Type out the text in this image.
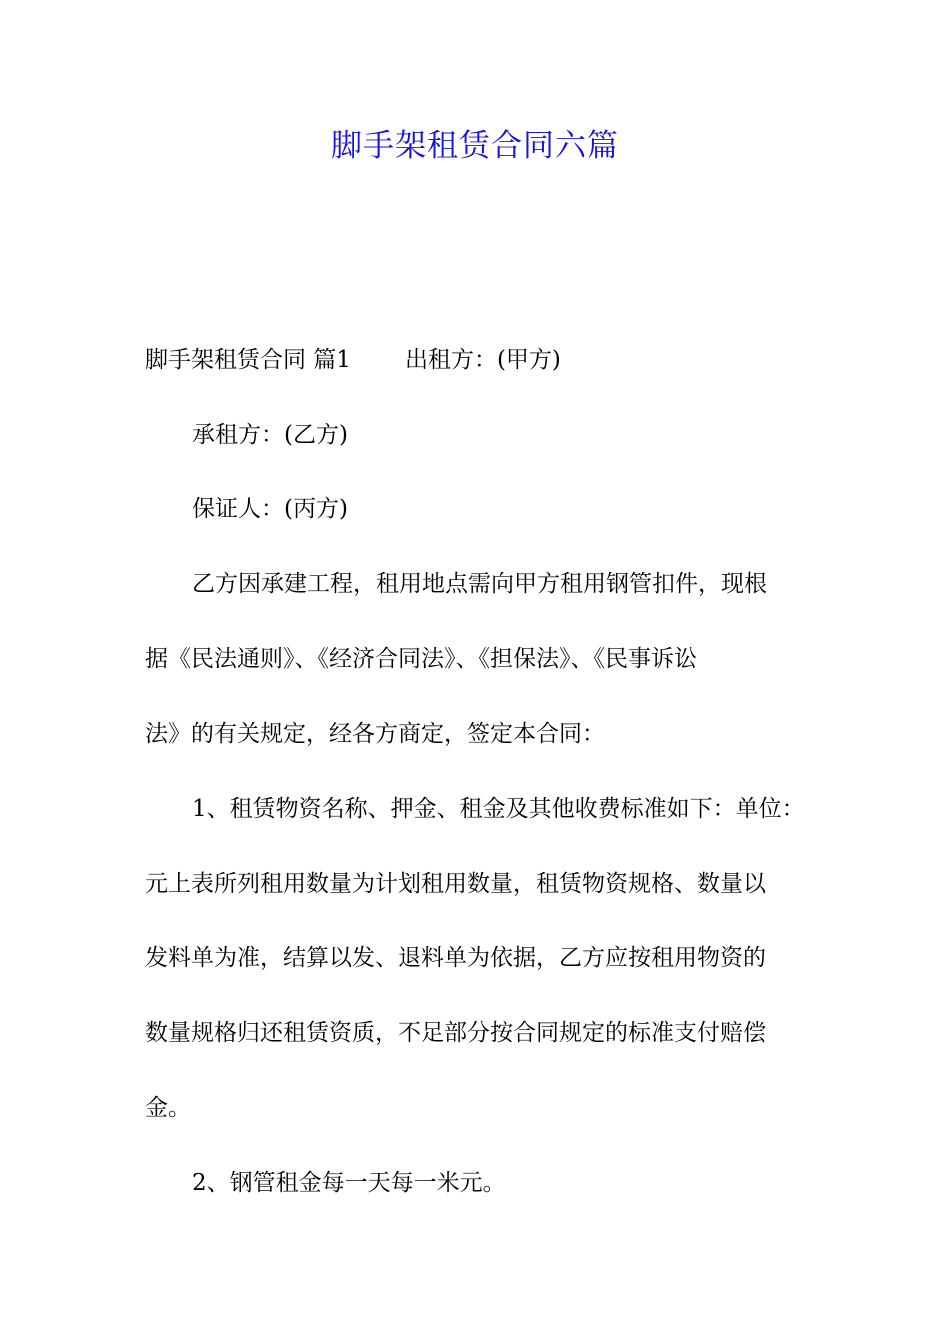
脚手架租赁合同六篇
脚手架租赁合同 篇1 出租方：(甲方)
承租方：(乙方)
保证人：(丙方)
乙方因承建工程，租用地点需向甲方租用钢管扣件，现根
据《民法通则》、《经济合同法》、《担保法》、《民事诉讼
法》的有关规定，经各方商定，签定本合同：
1、租赁物资名称、押金、租金及其他收费标准如下：单位：
元上表所列租用数量为计划租用数量，租赁物资规格、数量以
发料单为准，结算以发、退料单为依据，乙方应按租用物资的
数量规格归还租赁资质，不足部分按合同规定的标准支付赔偿
金。
2、钢管租金每一天每一米元。
